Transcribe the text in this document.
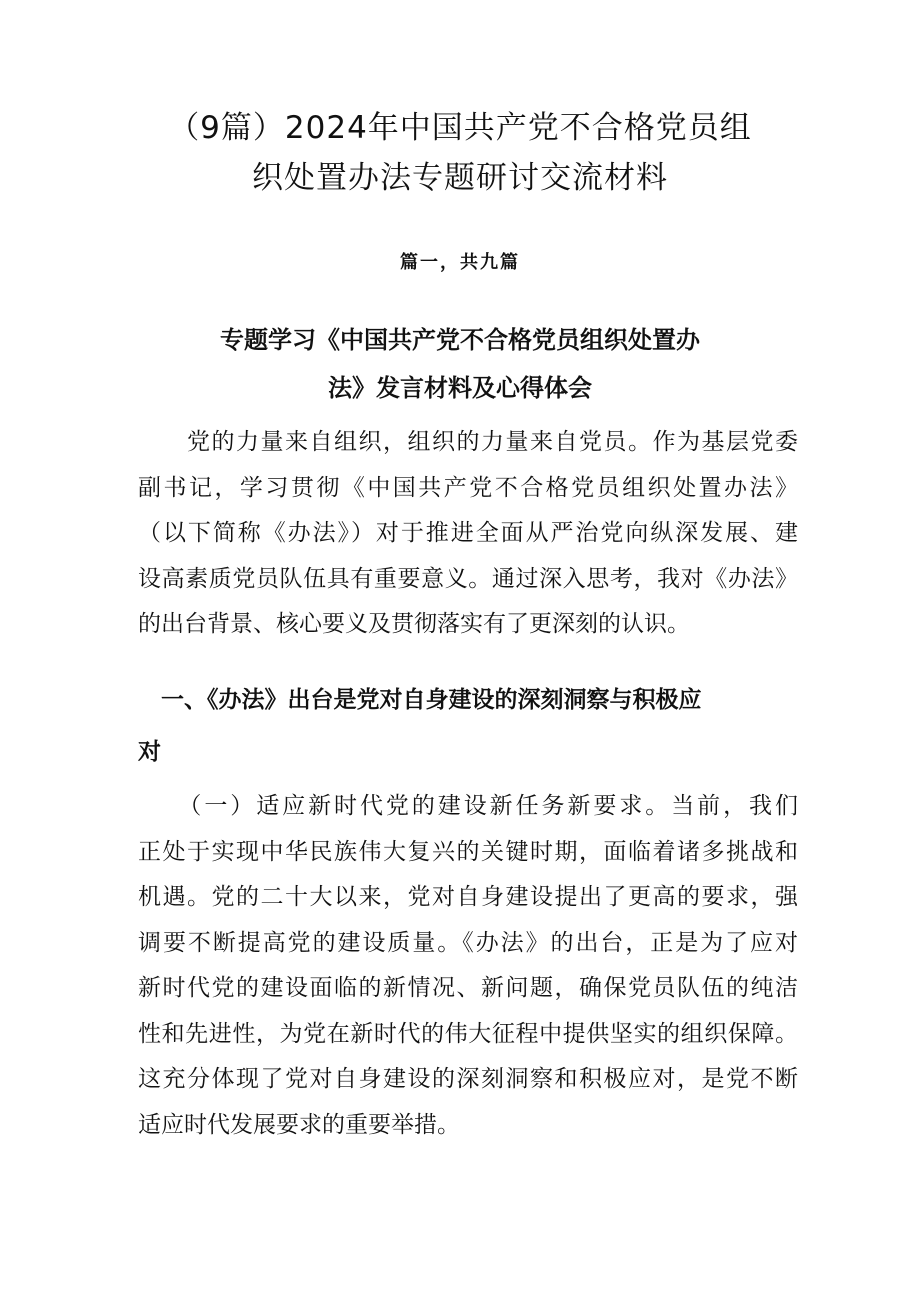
（9篇）2024年中国共产党不合格党员组
织处置办法专题研讨交流材料
篇一，共九篇
专题学习《中国共产党不合格党员组织处置办
法》发言材料及心得体会
　　党的力量来自组织，组织的力量来自党员。作为基层党委
副书记，学习贯彻《中国共产党不合格党员组织处置办法》
（以下简称《办法》）对于推进全面从严治党向纵深发展、建
设高素质党员队伍具有重要意义。通过深入思考，我对《办法》
的出台背景、核心要义及贯彻落实有了更深刻的认识。
　一、《办法》出台是党对自身建设的深刻洞察与积极应
对
　　（一）适应新时代党的建设新任务新要求。当前，我们
正处于实现中华民族伟大复兴的关键时期，面临着诸多挑战和
机遇。党的二十大以来，党对自身建设提出了更高的要求，强
调要不断提高党的建设质量。《办法》的出台，正是为了应对
新时代党的建设面临的新情况、新问题，确保党员队伍的纯洁
性和先进性，为党在新时代的伟大征程中提供坚实的组织保障。
这充分体现了党对自身建设的深刻洞察和积极应对，是党不断
适应时代发展要求的重要举措。
